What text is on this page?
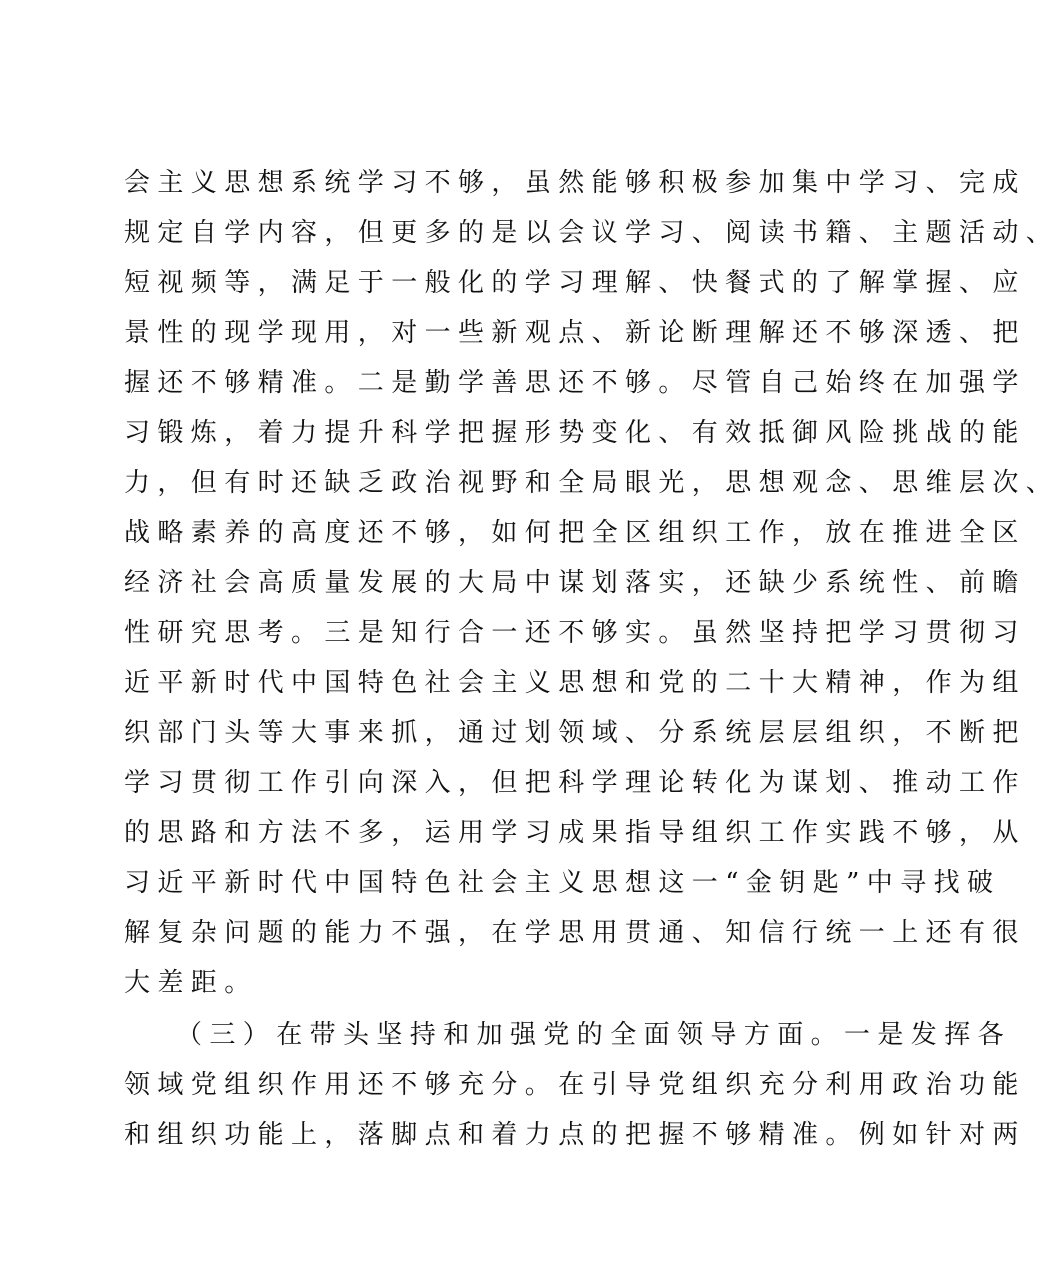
会主义思想系统学习不够，虽然能够积极参加集中学习、完成
规定自学内容，但更多的是以会议学习、阅读书籍、主题活动、
短视频等，满足于一般化的学习理解、快餐式的了解掌握、应
景性的现学现用，对一些新观点、新论断理解还不够深透、把
握还不够精准。二是勤学善思还不够。尽管自己始终在加强学
习锻炼，着力提升科学把握形势变化、有效抵御风险挑战的能
力，但有时还缺乏政治视野和全局眼光，思想观念、思维层次、
战略素养的高度还不够，如何把全区组织工作，放在推进全区
经济社会高质量发展的大局中谋划落实，还缺少系统性、前瞻
性研究思考。三是知行合一还不够实。虽然坚持把学习贯彻习
近平新时代中国特色社会主义思想和党的二十大精神，作为组
织部门头等大事来抓，通过划领域、分系统层层组织，不断把
学习贯彻工作引向深入，但把科学理论转化为谋划、推动工作
的思路和方法不多，运用学习成果指导组织工作实践不够，从
习近平新时代中国特色社会主义思想这一“金钥匙”中寻找破
解复杂问题的能力不强，在学思用贯通、知信行统一上还有很
大差距。
（三）在带头坚持和加强党的全面领导方面。一是发挥各
领域党组织作用还不够充分。在引导党组织充分利用政治功能
和组织功能上，落脚点和着力点的把握不够精准。例如针对两
